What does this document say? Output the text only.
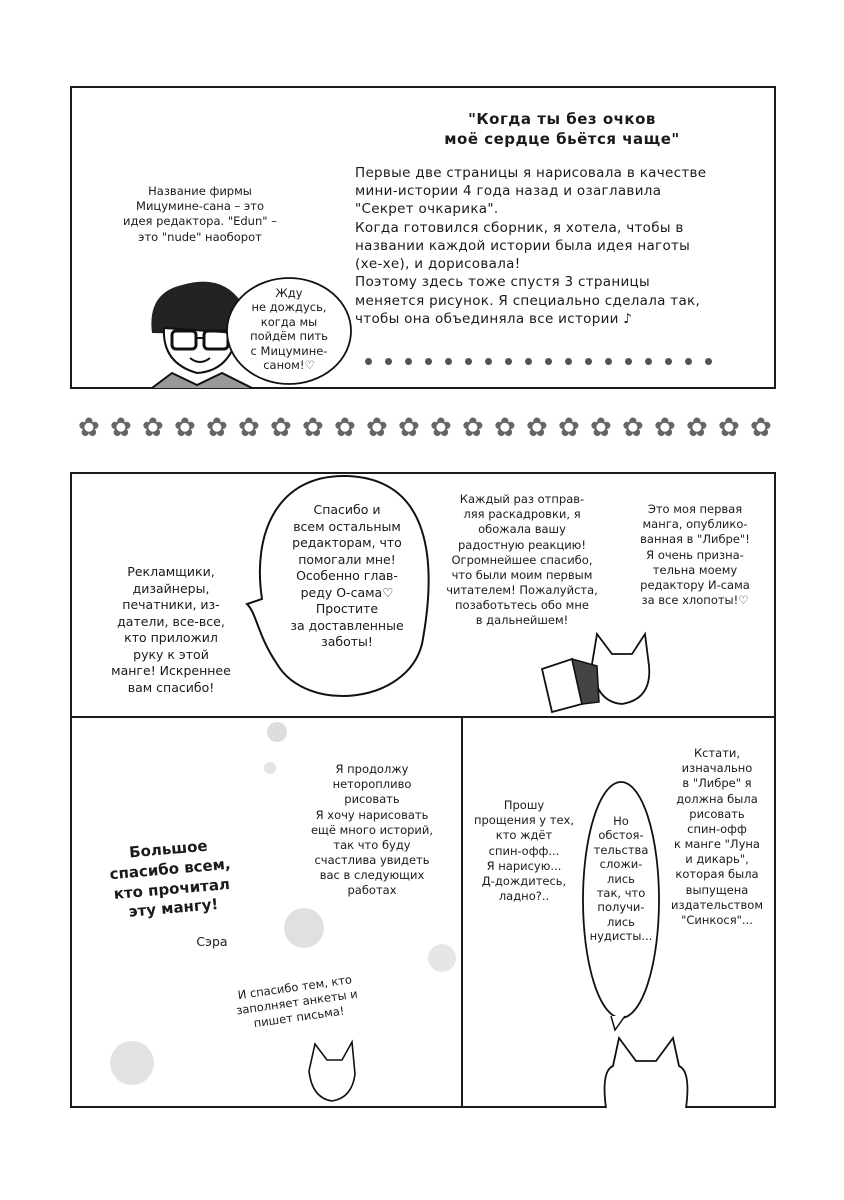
"Когда ты без очков
моё сердце бьётся чаще"
Первые две страницы я нарисовала в качестве
мини-истории 4 года назад и озаглавила
"Секрет очкарика".
Когда готовился сборник, я хотела, чтобы в
названии каждой истории была идея наготы
(хе-хе), и дорисовала!
Поэтому здесь тоже спустя 3 страницы
меняется рисунок. Я специально сделала так,
чтобы она объединяла все истории ♪
Название фирмы
Мицумине-сана – это
идея редактора. "Edun" –
это "nude" наоборот
Жду
не дождусь,
когда мы
пойдём пить
с Мицумине-
саном!♡
✿ ✿ ✿ ✿ ✿ ✿ ✿ ✿ ✿ ✿ ✿ ✿ ✿ ✿ ✿ ✿ ✿ ✿ ✿ ✿ ✿ ✿
Рекламщики,
дизайнеры,
печатники, из-
датели, все-все,
кто приложил
руку к этой
манге! Искреннее
вам спасибо!
Спасибо и
всем остальным
редакторам, что
помогали мне!
Особенно глав-
реду О-сама♡
Простите
за доставленные
заботы!
Каждый раз отправ-
ляя раскадровки, я
обожала вашу
радостную реакцию!
Огромнейшее спасибо,
что были моим первым
читателем! Пожалуйста,
позаботьтесь обо мне
в дальнейшем!
Это моя первая
манга, опублико-
ванная в "Либре"!
Я очень призна-
тельна моему
редактору И-сама
за все хлопоты!♡
Большое
спасибо всем,
кто прочитал
эту мангу!
Сэра
Я продолжу
неторопливо
рисовать
Я хочу нарисовать
ещё много историй,
так что буду
счастлива увидеть
вас в следующих
работах
И спасибо тем, кто
заполняет анкеты и
пишет письма!
Прошу
прощения у тех,
кто ждёт
спин-офф...
Я нарисую...
Д-дождитесь,
ладно?..
Но
обстоя-
тельства
сложи-
лись
так, что
получи-
лись
нудисты...
Кстати,
изначально
в "Либре" я
должна была
рисовать
спин-офф
к манге "Луна
и дикарь",
которая была
выпущена
издательством
"Синкося"...
